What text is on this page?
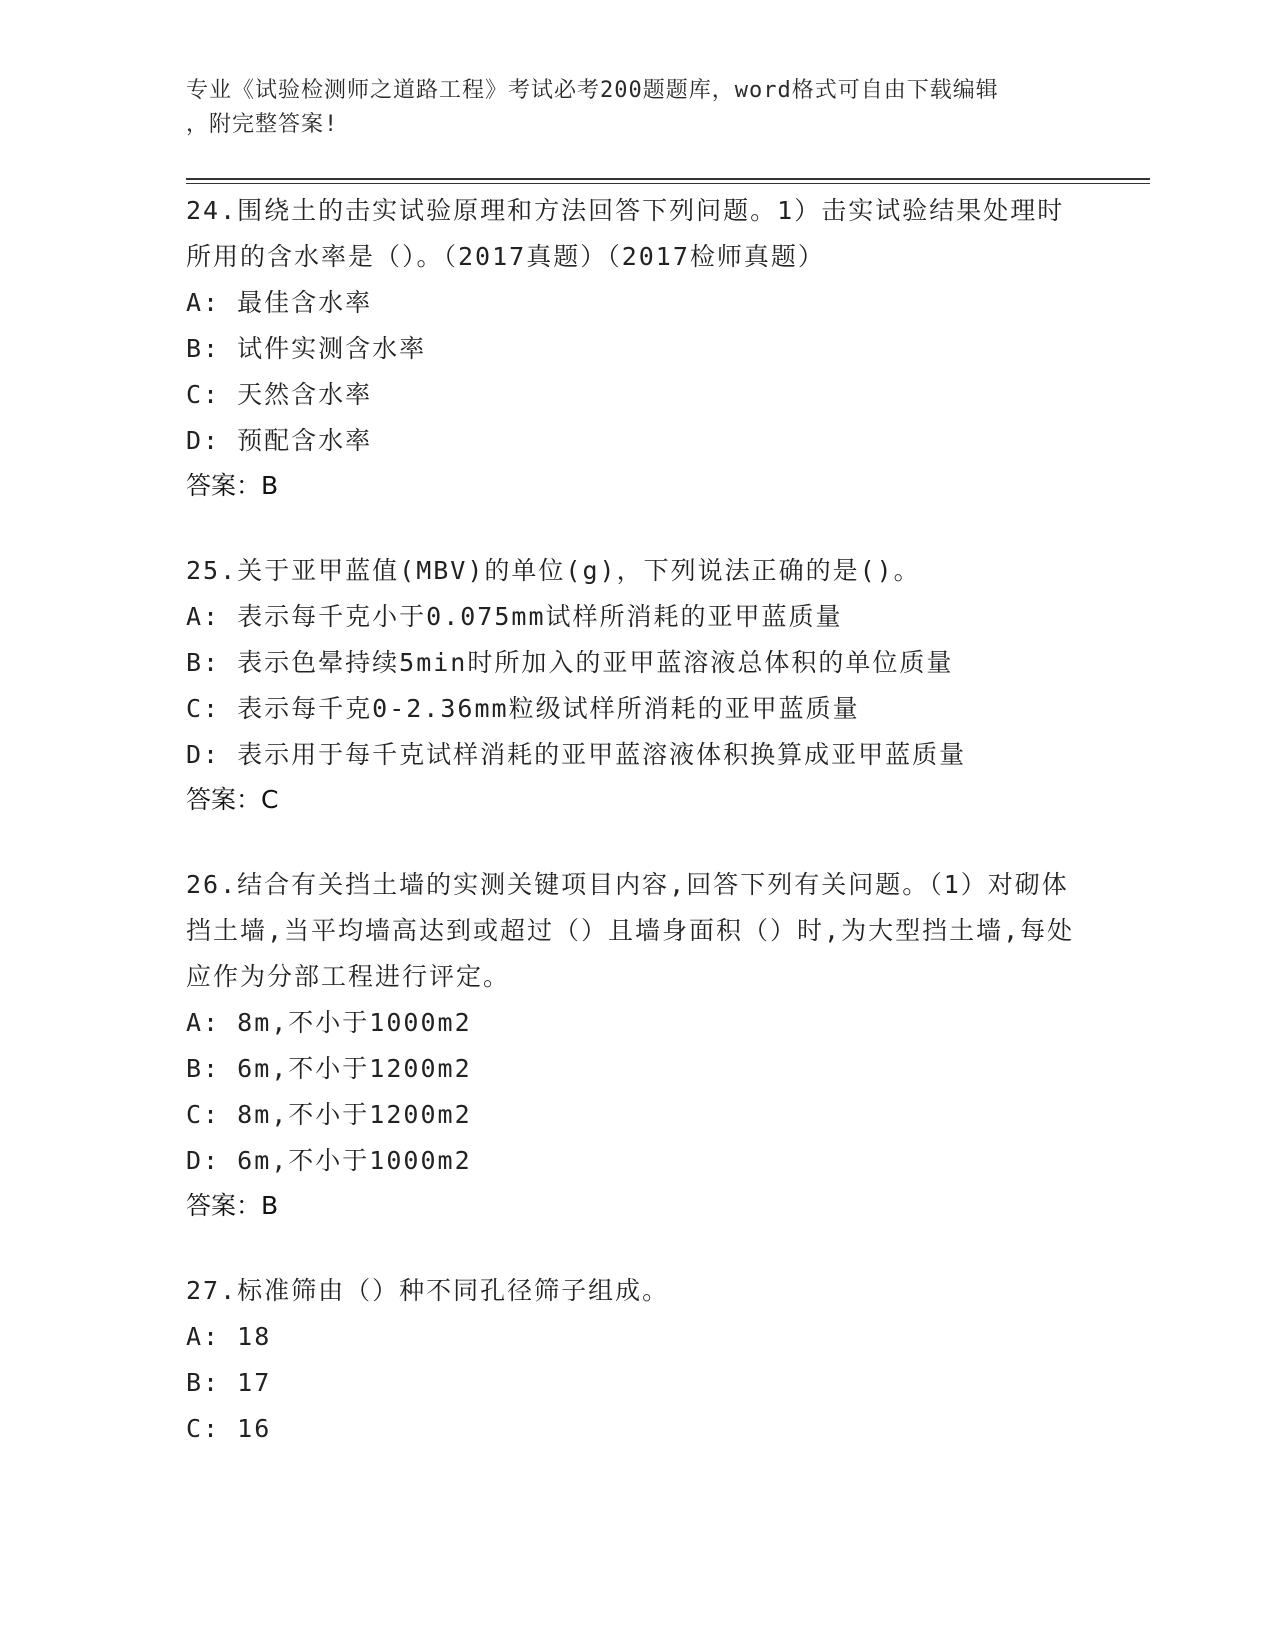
专业《试验检测师之道路工程》考试必考200题题库，word格式可自由下载编辑
，附完整答案!

24.围绕土的击实试验原理和方法回答下列问题。1）击实试验结果处理时所用的含水率是（）。（2017真题）（2017检师真题）

A: 最佳含水率

B: 试件实测含水率

C: 天然含水率

D: 预配含水率

答案：B

25.关于亚甲蓝值(MBV)的单位(g)，下列说法正确的是()。

A: 表示每千克小于0.075mm试样所消耗的亚甲蓝质量

B: 表示色晕持续5min时所加入的亚甲蓝溶液总体积的单位质量

C: 表示每千克0-2.36mm粒级试样所消耗的亚甲蓝质量

D: 表示用于每千克试样消耗的亚甲蓝溶液体积换算成亚甲蓝质量

答案：C

26.结合有关挡土墙的实测关键项目内容,回答下列有关问题。（1）对砌体挡土墙,当平均墙高达到或超过（）且墙身面积（）时,为大型挡土墙,每处应作为分部工程进行评定。

A: 8m,不小于1000m2

B: 6m,不小于1200m2

C: 8m,不小于1200m2

D: 6m,不小于1000m2

答案：B

27.标准筛由（）种不同孔径筛子组成。

A: 18

B: 17

C: 16
